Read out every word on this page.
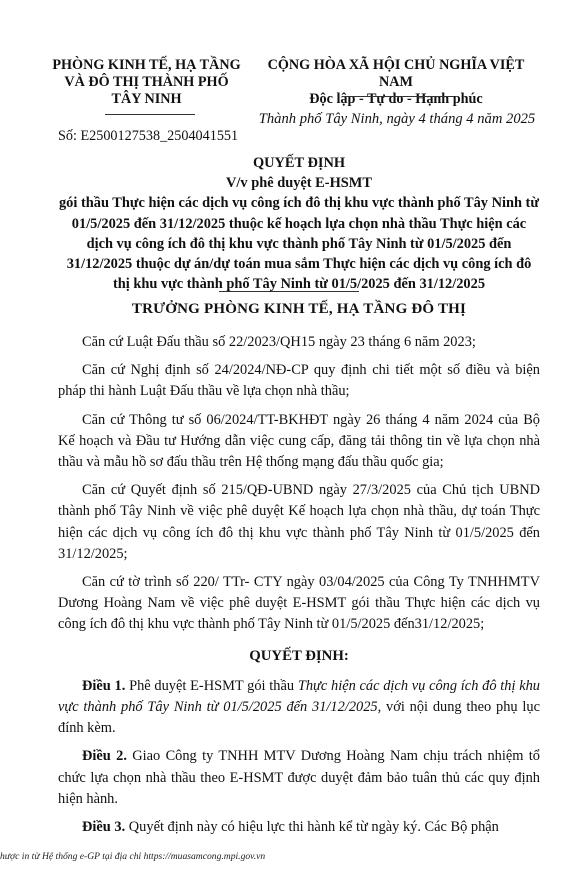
PHÒNG KINH TẾ, HẠ TẦNG
VÀ ĐÔ THỊ THÀNH PHỐ
TÂY NINH
CỘNG HÒA XÃ HỘI CHỦ NGHĨA VIỆT NAM
Độc lập - Tự do - Hạnh phúc
Thành phố Tây Ninh, ngày 4 tháng 4 năm 2025
Số: E2500127538_2504041551
QUYẾT ĐỊNH
V/v phê duyệt E-HSMT
gói thầu Thực hiện các dịch vụ công ích đô thị khu vực thành phố Tây Ninh từ 01/5/2025 đến 31/12/2025 thuộc kế hoạch lựa chọn nhà thầu Thực hiện các dịch vụ công ích đô thị khu vực thành phố Tây Ninh từ 01/5/2025 đến 31/12/2025 thuộc dự án/dự toán mua sắm Thực hiện các dịch vụ công ích đô thị khu vực thành phố Tây Ninh từ 01/5/2025 đến 31/12/2025
TRƯỞNG PHÒNG KINH TẾ, HẠ TẦNG ĐÔ THỊ

Căn cứ Luật Đấu thầu số 22/2023/QH15 ngày 23 tháng 6 năm 2023;

Căn cứ Nghị định số 24/2024/NĐ-CP quy định chi tiết một số điều và biện pháp thi hành Luật Đấu thầu về lựa chọn nhà thầu;

Căn cứ Thông tư số 06/2024/TT-BKHĐT ngày 26 tháng 4 năm 2024 của Bộ Kế hoạch và Đầu tư Hướng dẫn việc cung cấp, đăng tải thông tin về lựa chọn nhà thầu và mẫu hồ sơ đấu thầu trên Hệ thống mạng đấu thầu quốc gia;

Căn cứ Quyết định số 215/QĐ-UBND ngày 27/3/2025 của Chủ tịch UBND thành phố Tây Ninh về việc phê duyệt Kế hoạch lựa chọn nhà thầu, dự toán Thực hiện các dịch vụ công ích đô thị khu vực thành phố Tây Ninh từ 01/5/2025 đến 31/12/2025;

Căn cứ tờ trình số 220/ TTr- CTY ngày 03/04/2025 của Công Ty TNHHMTV Dương Hoàng Nam về việc phê duyệt E-HSMT gói thầu Thực hiện các dịch vụ công ích đô thị khu vực thành phố Tây Ninh từ 01/5/2025 đến31/12/2025;

QUYẾT ĐỊNH:

Điều 1. Phê duyệt E-HSMT gói thầu Thực hiện các dịch vụ công ích đô thị khu vực thành phố Tây Ninh từ 01/5/2025 đến 31/12/2025, với nội dung theo phụ lục đính kèm.

Điều 2. Giao Công ty TNHH MTV Dương Hoàng Nam chịu trách nhiệm tổ chức lựa chọn nhà thầu theo E-HSMT được duyệt đảm bảo tuân thủ các quy định hiện hành.

Điều 3. Quyết định này có hiệu lực thi hành kể từ ngày ký. Các Bộ phận

hược in từ Hệ thống e-GP tại địa chỉ https://muasamcong.mpi.gov.vn
